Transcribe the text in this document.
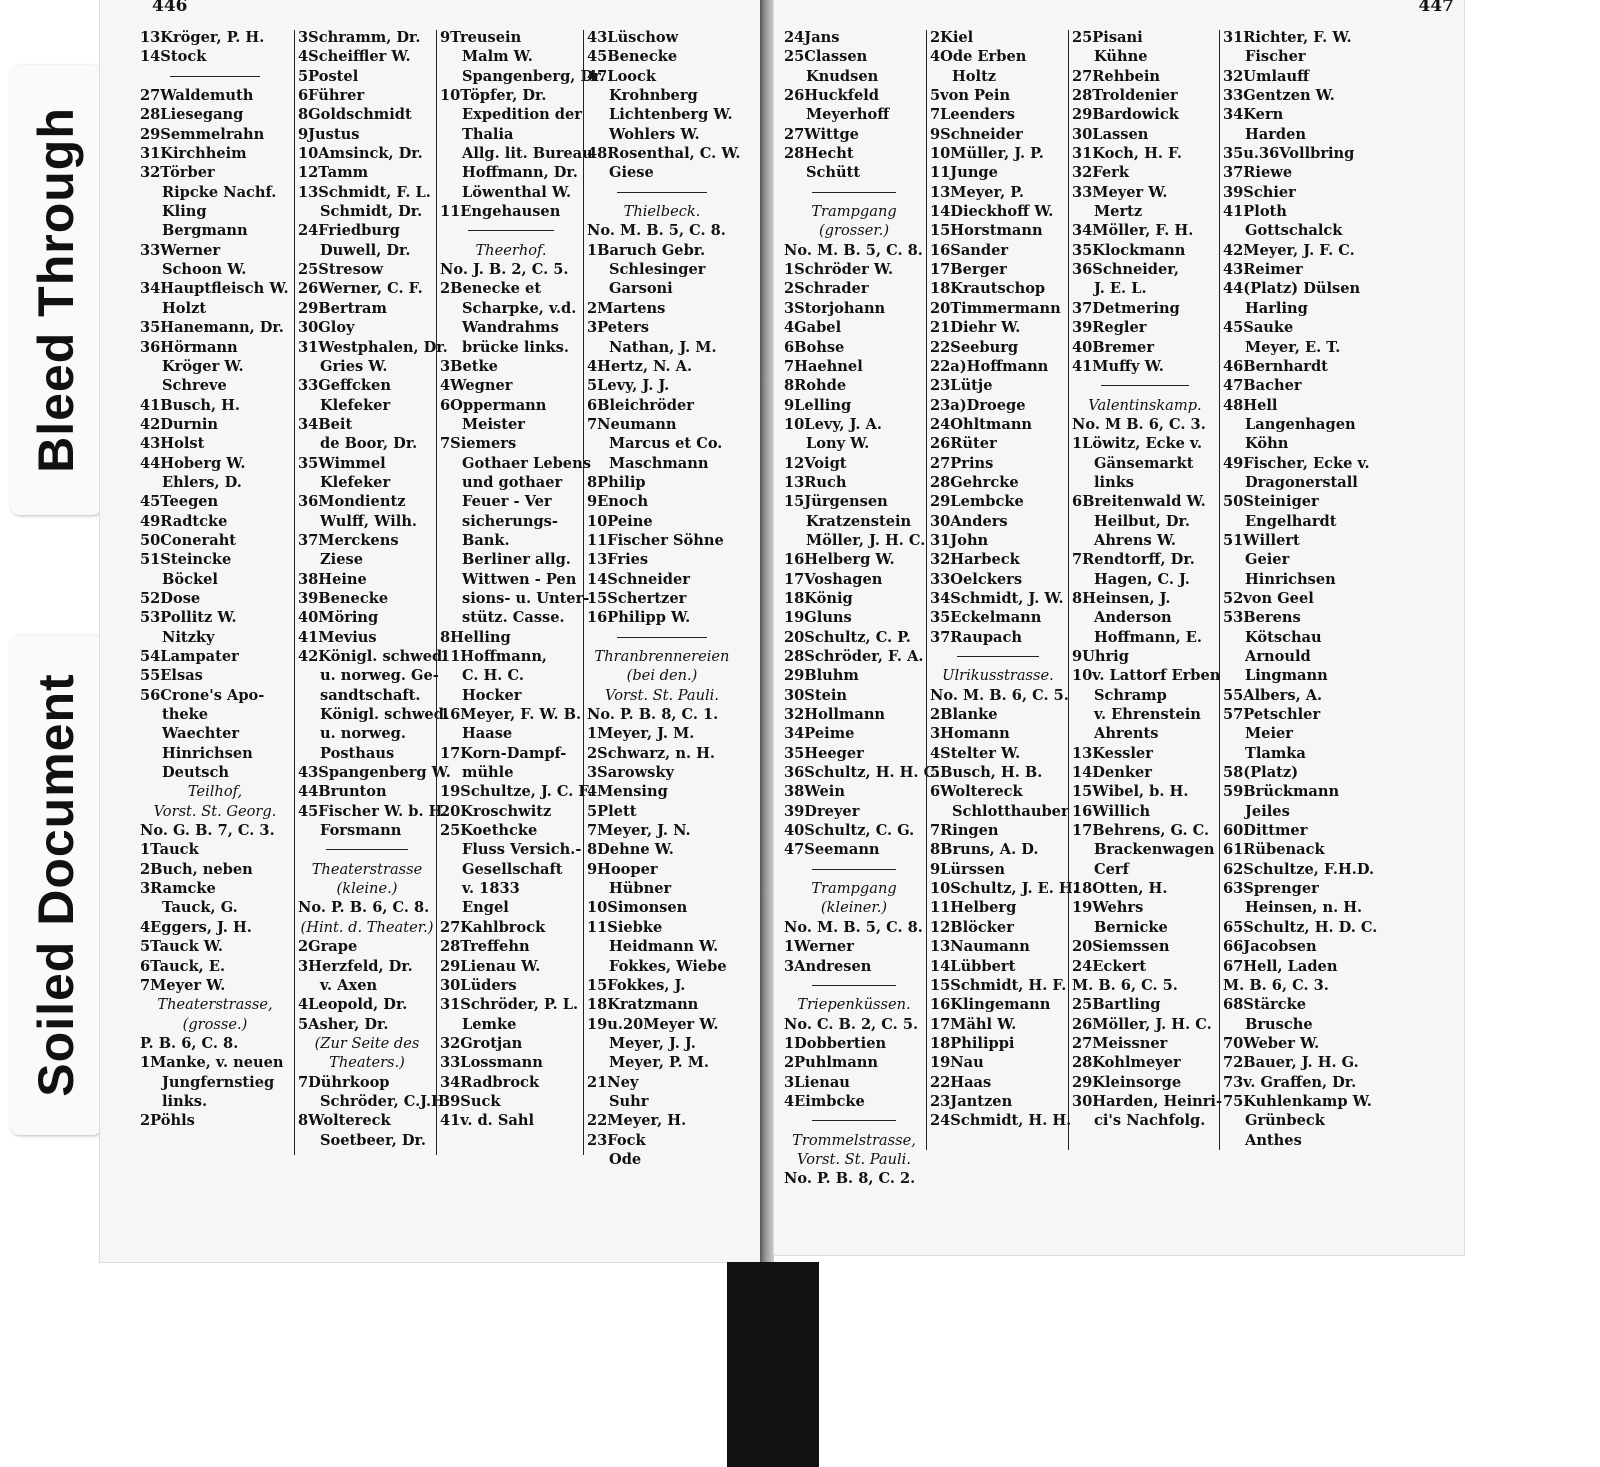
Bleed Through
Soiled Document
446
13Kröger, P. H.
14Stock
27Waldemuth
28Liesegang
29Semmelrahn
31Kirchheim
32Törber
Ripcke Nachf.
Kling
Bergmann
33Werner
Schoon W.
34Hauptfleisch W.
Holzt
35Hanemann, Dr.
36Hörmann
Kröger W.
Schreve
41Busch, H.
42Durnin
43Holst
44Hoberg W.
Ehlers, D.
45Teegen
49Radtcke
50Coneraht
51Steincke
Böckel
52Dose
53Pollitz W.
Nitzky
54Lampater
55Elsas
56Crone's Apo-
theke
Waechter
Hinrichsen
Deutsch
Teilhof,
Vorst. St. Georg.
No. G. B. 7, C. 3.
1Tauck
2Buch, neben
3Ramcke
Tauck, G.
4Eggers, J. H.
5Tauck W.
6Tauck, E.
7Meyer W.
Theaterstrasse,
(grosse.)
P. B. 6, C. 8.
1Manke, v. neuen
Jungfernstieg
links.
2Pöhls
3Schramm, Dr.
4Scheiffler W.
5Postel
6Führer
8Goldschmidt
9Justus
10Amsinck, Dr.
12Tamm
13Schmidt, F. L.
Schmidt, Dr.
24Friedburg
Duwell, Dr.
25Stresow
26Werner, C. F.
29Bertram
30Gloy
31Westphalen, Dr.
Gries W.
33Geffcken
Klefeker
34Beit
de Boor, Dr.
35Wimmel
Klefeker
36Mondientz
Wulff, Wilh.
37Merckens
Ziese
38Heine
39Benecke
40Möring
41Mevius
42Königl. schwed.
u. norweg. Ge-
sandtschaft.
Königl. schwed.
u. norweg.
Posthaus
43Spangenberg W.
44Brunton
45Fischer W. b. H.
Forsmann
Theaterstrasse
(kleine.)
No. P. B. 6, C. 8.
(Hint. d. Theater.)
2Grape
3Herzfeld, Dr.
v. Axen
4Leopold, Dr.
5Asher, Dr.
(Zur Seite des
Theaters.)
7Dührkoop
Schröder, C.J.H.
8Woltereck
Soetbeer, Dr.
9Treusein
Malm W.
Spangenberg, Dr.
10Töpfer, Dr.
Expedition der
Thalia
Allg. lit. Bureau
Hoffmann, Dr.
Löwenthal W.
11Engehausen
Theerhof.
No. J. B. 2, C. 5.
2Benecke et
Scharpke, v.d.
Wandrahms
brücke links.
3Betke
4Wegner
6Oppermann
Meister
7Siemers
Gothaer Lebens
und gothaer
Feuer - Ver
sicherungs-
Bank.
Berliner allg.
Wittwen - Pen
sions- u. Unter-
stütz. Casse.
8Helling
11Hoffmann,
C. H. C.
Hocker
16Meyer, F. W. B.
Haase
17Korn-Dampf-
mühle
19Schultze, J. C. F.
20Kroschwitz
25Koethcke
Fluss Versich.-
Gesellschaft
v. 1833
Engel
27Kahlbrock
28Treffehn
29Lienau W.
30Lüders
31Schröder, P. L.
Lemke
32Grotjan
33Lossmann
34Radbrock
39Suck
41v. d. Sahl
43Lüschow
45Benecke
47Loock
Krohnberg
Lichtenberg W.
Wohlers W.
48Rosenthal, C. W.
Giese
Thielbeck.
No. M. B. 5, C. 8.
1Baruch Gebr.
Schlesinger
Garsoni
2Martens
3Peters
Nathan, J. M.
4Hertz, N. A.
5Levy, J. J.
6Bleichröder
7Neumann
Marcus et Co.
Maschmann
8Philip
9Enoch
10Peine
11Fischer Söhne
13Fries
14Schneider
15Schertzer
16Philipp W.
Thranbrennereien
(bei den.)
Vorst. St. Pauli.
No. P. B. 8, C. 1.
1Meyer, J. M.
2Schwarz, n. H.
3Sarowsky
4Mensing
5Plett
7Meyer, J. N.
8Dehne W.
9Hooper
Hübner
10Simonsen
11Siebke
Heidmann W.
Fokkes, Wiebe
15Fokkes, J.
18Kratzmann
19u.20Meyer W.
Meyer, J. J.
Meyer, P. M.
21Ney
Suhr
22Meyer, H.
23Fock
Ode
447
24Jans
25Classen
Knudsen
26Huckfeld
Meyerhoff
27Wittge
28Hecht
Schütt
Trampgang
(grosser.)
No. M. B. 5, C. 8.
1Schröder W.
2Schrader
3Storjohann
4Gabel
6Bohse
7Haehnel
8Rohde
9Lelling
10Levy, J. A.
Lony W.
12Voigt
13Ruch
15Jürgensen
Kratzenstein
Möller, J. H. C.
16Helberg W.
17Voshagen
18König
19Gluns
20Schultz, C. P.
28Schröder, F. A.
29Bluhm
30Stein
32Hollmann
34Peime
35Heeger
36Schultz, H. H. C.
38Wein
39Dreyer
40Schultz, C. G.
47Seemann
Trampgang
(kleiner.)
No. M. B. 5, C. 8.
1Werner
3Andresen
Triepenküssen.
No. C. B. 2, C. 5.
1Dobbertien
2Puhlmann
3Lienau
4Eimbcke
Trommelstrasse,
Vorst. St. Pauli.
No. P. B. 8, C. 2.
2Kiel
4Ode Erben
Holtz
5von Pein
7Leenders
9Schneider
10Müller, J. P.
11Junge
13Meyer, P.
14Dieckhoff W.
15Horstmann
16Sander
17Berger
18Krautschop
20Timmermann
21Diehr W.
22Seeburg
22a)Hoffmann
23Lütje
23a)Droege
24Ohltmann
26Rüter
27Prins
28Gehrcke
29Lembcke
30Anders
31John
32Harbeck
33Oelckers
34Schmidt, J. W.
35Eckelmann
37Raupach
Ulrikusstrasse.
No. M. B. 6, C. 5.
2Blanke
3Homann
4Stelter W.
5Busch, H. B.
6Woltereck
Schlotthauber
7Ringen
8Bruns, A. D.
9Lürssen
10Schultz, J. E. H.
11Helberg
12Blöcker
13Naumann
14Lübbert
15Schmidt, H. F.
16Klingemann
17Mähl W.
18Philippi
19Nau
22Haas
23Jantzen
24Schmidt, H. H.
25Pisani
Kühne
27Rehbein
28Troldenier
29Bardowick
30Lassen
31Koch, H. F.
32Ferk
33Meyer W.
Mertz
34Möller, F. H.
35Klockmann
36Schneider,
J. E. L.
37Detmering
39Regler
40Bremer
41Muffy W.
Valentinskamp.
No. M B. 6, C. 3.
1Löwitz, Ecke v.
Gänsemarkt
links
6Breitenwald W.
Heilbut, Dr.
Ahrens W.
7Rendtorff, Dr.
Hagen, C. J.
8Heinsen, J.
Anderson
Hoffmann, E.
9Uhrig
10v. Lattorf Erben
Schramp
v. Ehrenstein
Ahrents
13Kessler
14Denker
15Wibel, b. H.
16Willich
17Behrens, G. C.
Brackenwagen
Cerf
18Otten, H.
19Wehrs
Bernicke
20Siemssen
24Eckert
M. B. 6, C. 5.
25Bartling
26Möller, J. H. C.
27Meissner
28Kohlmeyer
29Kleinsorge
30Harden, Heinri-
ci's Nachfolg.
31Richter, F. W.
Fischer
32Umlauff
33Gentzen W.
34Kern
Harden
35u.36Vollbring
37Riewe
39Schier
41Ploth
Gottschalck
42Meyer, J. F. C.
43Reimer
44(Platz) Dülsen
Harling
45Sauke
Meyer, E. T.
46Bernhardt
47Bacher
48Hell
Langenhagen
Köhn
49Fischer, Ecke v.
Dragonerstall
50Steiniger
Engelhardt
51Willert
Geier
Hinrichsen
52von Geel
53Berens
Kötschau
Arnould
Lingmann
55Albers, A.
57Petschler
Meier
Tlamka
58(Platz)
59Brückmann
Jeiles
60Dittmer
61Rübenack
62Schultze, F.H.D.
63Sprenger
Heinsen, n. H.
65Schultz, H. D. C.
66Jacobsen
67Hell, Laden
M. B. 6, C. 3.
68Stärcke
Brusche
70Weber W.
72Bauer, J. H. G.
73v. Graffen, Dr.
75Kuhlenkamp W.
Grünbeck
Anthes
